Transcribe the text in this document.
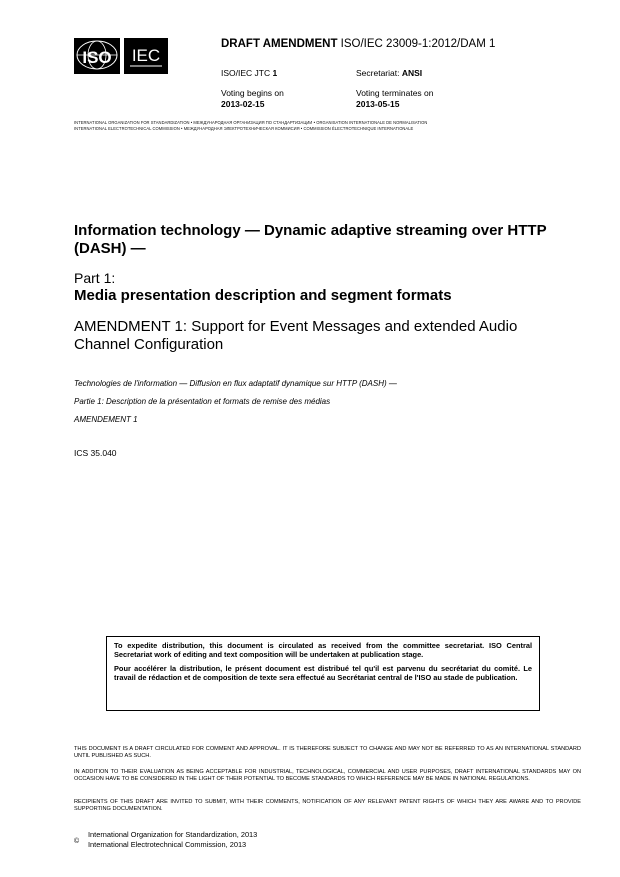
ISO IEC
DRAFT AMENDMENT ISO/IEC 23009-1:2012/DAM 1
ISO/IEC JTC 1	Secretariat: ANSI
Voting begins on
2013-02-15
Voting terminates on
2013-05-15
INTERNATIONAL ORGANIZATION FOR STANDARDIZATION • МЕЖДУНАРОДНАЯ ОРГАНИЗАЦИЯ ПО СТАНДАРТИЗАЦИИ • ORGANISATION INTERNATIONALE DE NORMALISATION
INTERNATIONAL ELECTROTECHNICAL COMMISSION • МЕЖДУНАРОДНАЯ ЭЛЕКТРОТЕХНИЧЕСКАЯ КОММИСИЯ • COMMISSION ÉLECTROTECHNIQUE INTERNATIONALE
Information technology — Dynamic adaptive streaming over HTTP (DASH) —
Part 1:
Media presentation description and segment formats
AMENDMENT 1: Support for Event Messages and extended Audio Channel Configuration
Technologies de l'information — Diffusion en flux adaptatif dynamique sur HTTP (DASH) —
Partie 1: Description de la présentation et formats de remise des médias
AMENDEMENT 1
ICS 35.040

To expedite distribution, this document is circulated as received from the committee secretariat. ISO Central Secretariat work of editing and text composition will be undertaken at publication stage.

Pour accélérer la distribution, le présent document est distribué tel qu'il est parvenu du secrétariat du comité. Le travail de rédaction et de composition de texte sera effectué au Secrétariat central de l'ISO au stade de publication.

THIS DOCUMENT IS A DRAFT CIRCULATED FOR COMMENT AND APPROVAL. IT IS THEREFORE SUBJECT TO CHANGE AND MAY NOT BE REFERRED TO AS AN INTERNATIONAL STANDARD UNTIL PUBLISHED AS SUCH.
IN ADDITION TO THEIR EVALUATION AS BEING ACCEPTABLE FOR INDUSTRIAL, TECHNOLOGICAL, COMMERCIAL AND USER PURPOSES, DRAFT INTERNATIONAL STANDARDS MAY ON OCCASION HAVE TO BE CONSIDERED IN THE LIGHT OF THEIR POTENTIAL TO BECOME STANDARDS TO WHICH REFERENCE MAY BE MADE IN NATIONAL REGULATIONS.
RECIPIENTS OF THIS DRAFT ARE INVITED TO SUBMIT, WITH THEIR COMMENTS, NOTIFICATION OF ANY RELEVANT PATENT RIGHTS OF WHICH THEY ARE AWARE AND TO PROVIDE SUPPORTING DOCUMENTATION.
©
International Organization for Standardization, 2013
International Electrotechnical Commission, 2013
